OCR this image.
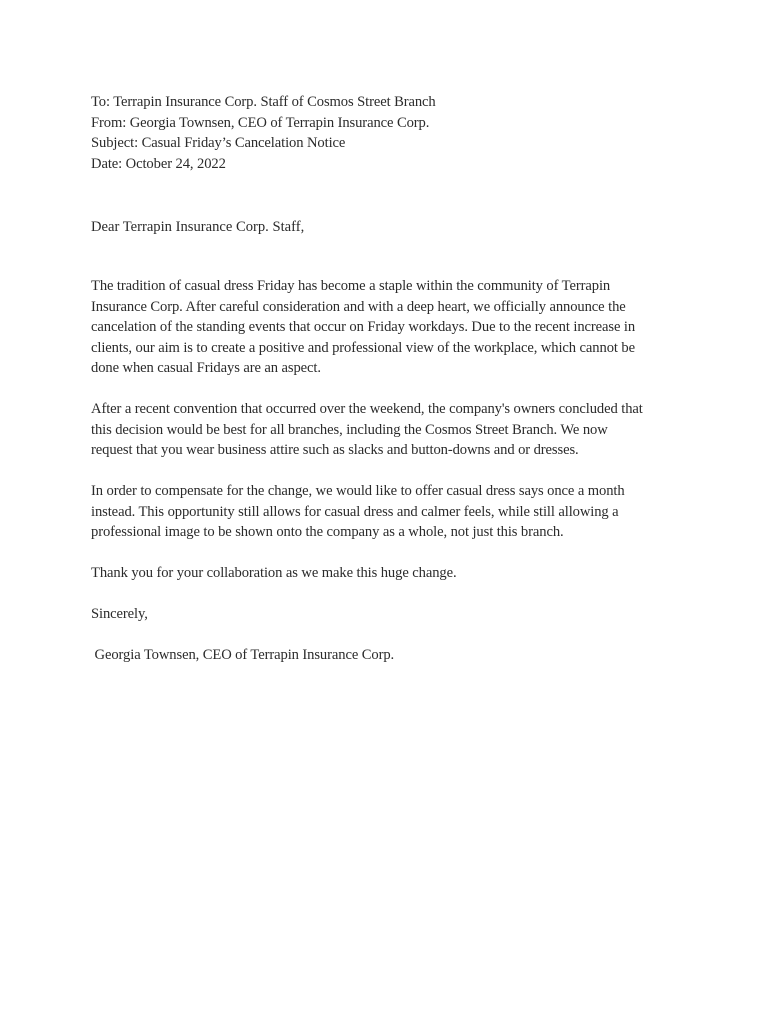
To: Terrapin Insurance Corp. Staff of Cosmos Street Branch
From: Georgia Townsen, CEO of Terrapin Insurance Corp.
Subject: Casual Friday’s Cancelation Notice
Date: October 24, 2022
Dear Terrapin Insurance Corp. Staff,

The tradition of casual dress Friday has become a staple within the community of Terrapin
Insurance Corp. After careful consideration and with a deep heart, we officially announce the
cancelation of the standing events that occur on Friday workdays. Due to the recent increase in
clients, our aim is to create a positive and professional view of the workplace, which cannot be
done when casual Fridays are an aspect.

After a recent convention that occurred over the weekend, the company's owners concluded that
this decision would be best for all branches, including the Cosmos Street Branch. We now
request that you wear business attire such as slacks and button-downs and or dresses.

In order to compensate for the change, we would like to offer casual dress says once a month
instead. This opportunity still allows for casual dress and calmer feels, while still allowing a
professional image to be shown onto the company as a whole, not just this branch.

Thank you for your collaboration as we make this huge change.

Sincerely,
Georgia Townsen, CEO of Terrapin Insurance Corp.
